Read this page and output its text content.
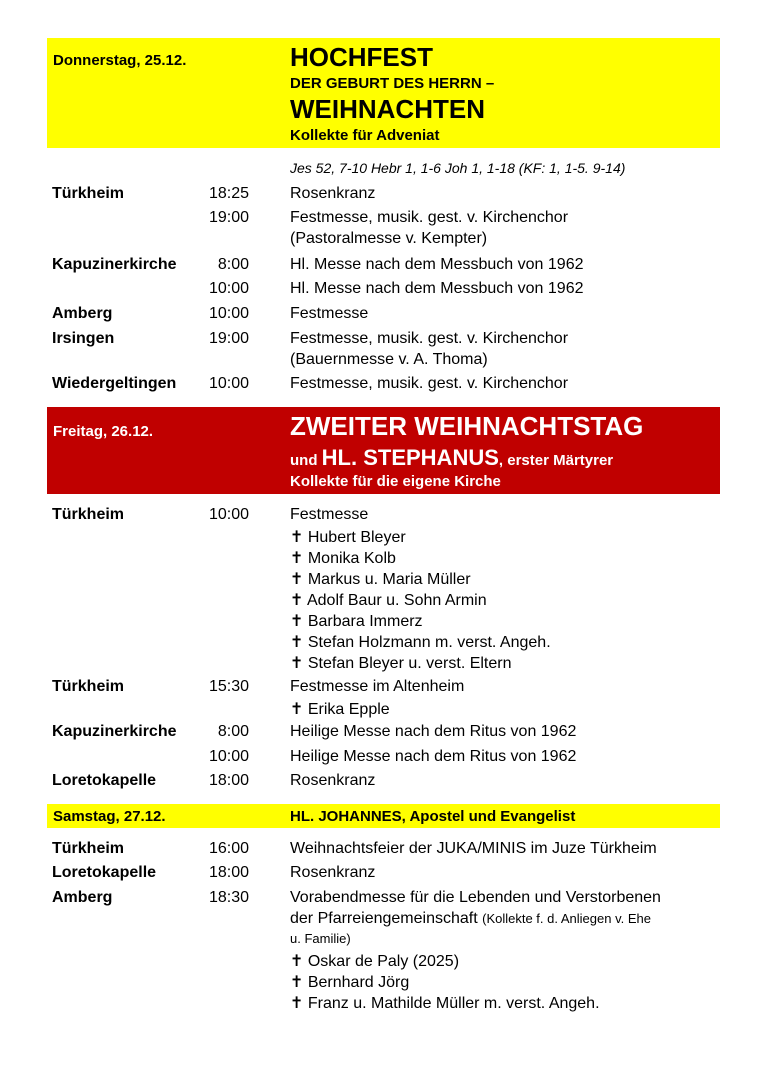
Donnerstag, 25.12.	HOCHFEST
DER GEBURT DES HERRN –
WEIHNACHTEN
Kollekte für Adveniat
Jes 52, 7-10 Hebr 1, 1-6 Joh 1, 1-18 (KF: 1, 1-5. 9-14)
Türkheim	18:25	Rosenkranz
19:00	Festmesse, musik. gest. v. Kirchenchor
(Pastoralmesse v. Kempter)
Kapuzinerkirche	8:00	Hl. Messe nach dem Messbuch von 1962
10:00	Hl. Messe nach dem Messbuch von 1962
Amberg	10:00	Festmesse
Irsingen	19:00	Festmesse, musik. gest. v. Kirchenchor
(Bauernmesse v. A. Thoma)
Wiedergeltingen 10:00	Festmesse, musik. gest. v. Kirchenchor
Freitag, 26.12.	ZWEITER WEIHNACHTSTAG
und HL. STEPHANUS, erster Märtyrer
Kollekte für die eigene Kirche
Türkheim	10:00	Festmesse
✝ Hubert Bleyer
✝ Monika Kolb
✝ Markus u. Maria Müller
✝ Adolf Baur u. Sohn Armin
✝ Barbara Immerz
✝ Stefan Holzmann m. verst. Angeh.
✝ Stefan Bleyer u. verst. Eltern
Türkheim	15:30	Festmesse im Altenheim
✝ Erika Epple
Kapuzinerkirche	8:00	Heilige Messe nach dem Ritus von 1962
10:00	Heilige Messe nach dem Ritus von 1962
Loretokapelle	18:00	Rosenkranz
Samstag, 27.12.	HL. JOHANNES, Apostel und Evangelist
Türkheim	16:00	Weihnachtsfeier der JUKA/MINIS im Juze Türkheim
Loretokapelle	18:00	Rosenkranz
Amberg	18:30	Vorabendmesse für die Lebenden und Verstorbenen
der Pfarreiengemeinschaft (Kollekte f. d. Anliegen v. Ehe
u. Familie)
✝ Oskar de Paly (2025)
✝ Bernhard Jörg
✝ Franz u. Mathilde Müller m. verst. Angeh.
